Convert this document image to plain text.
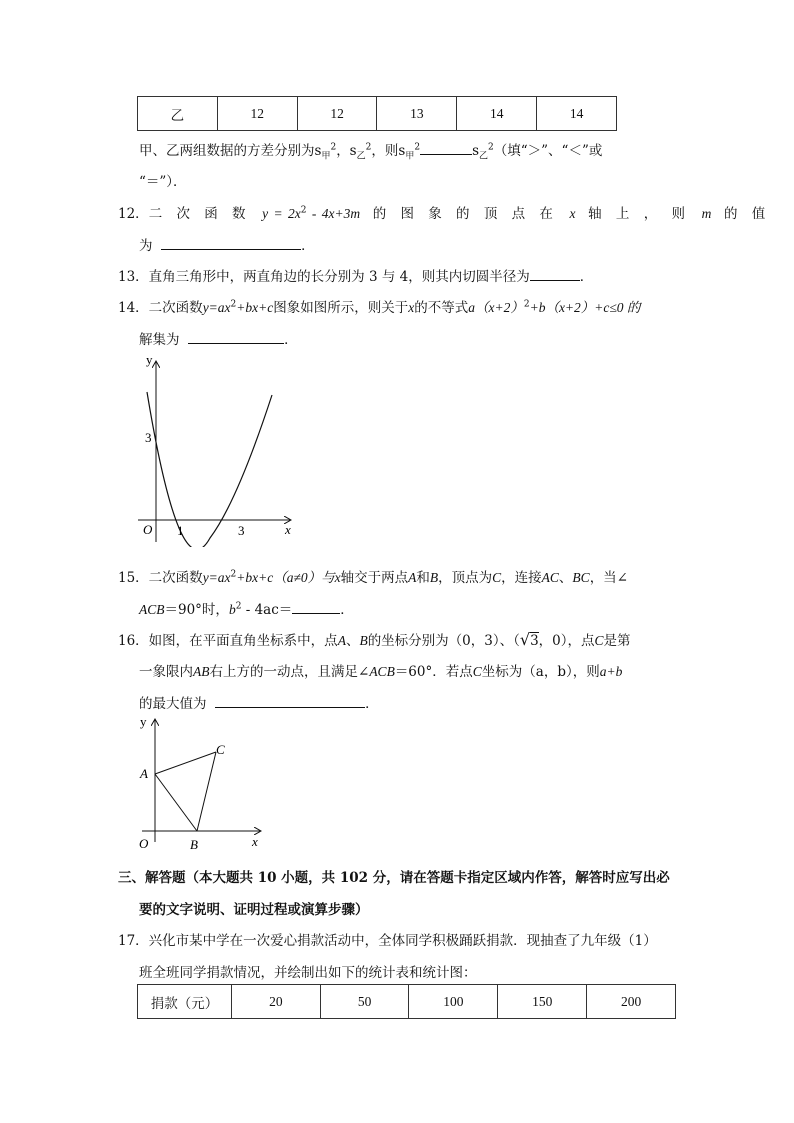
乙	12	12	13	14	14
甲、乙两组数据的方差分别为$s_甲^2$，$s_乙^2$，则$s_甲^2$	$s_乙^2$（填“＞”、“＜”或
“＝”）．
12．二 次 函 数 $y = 2x^2 - 4x+3m$ 的 图 象 的 顶 点 在 x 轴 上 ， 则 m 的 值
为	．
13．直角三角形中，两直角边的长分别为 3 与 4，则其内切圆半径为	．
14．二次函数$y=ax^2+bx+c$图象如图所示，则关于x的不等式$a(x+2)^2+b(x+2)+c\le 0$ 的
解集为	．
y
x
O 1	3
3
15．二次函数$y=ax^2+bx+c(a\ne 0)$与x轴交于两点A和B，顶点为C，连接AC、BC，当∠
ACB＝90°时，$b^2 - 4ac=$	．
16．如图，在平面直角坐标系中，点A、B的坐标分别为（0，3）、（√3，0），点C是第
一象限内AB右上方的一动点，且满足∠ACB＝60°．若点C坐标为（a，b），则a+b
的最大值为	．
y
x
O
A
B
C
三、解答题（本大题共 10 小题，共 102 分，请在答题卡指定区域内作答，解答时应写出必
要的文字说明、证明过程或演算步骤）
17．兴化市某中学在一次爱心捐款活动中，全体同学积极踊跃捐款．现抽查了九年级（1）
班全班同学捐款情况，并绘制出如下的统计表和统计图：
捐款（元）	20	50	100	150	200
